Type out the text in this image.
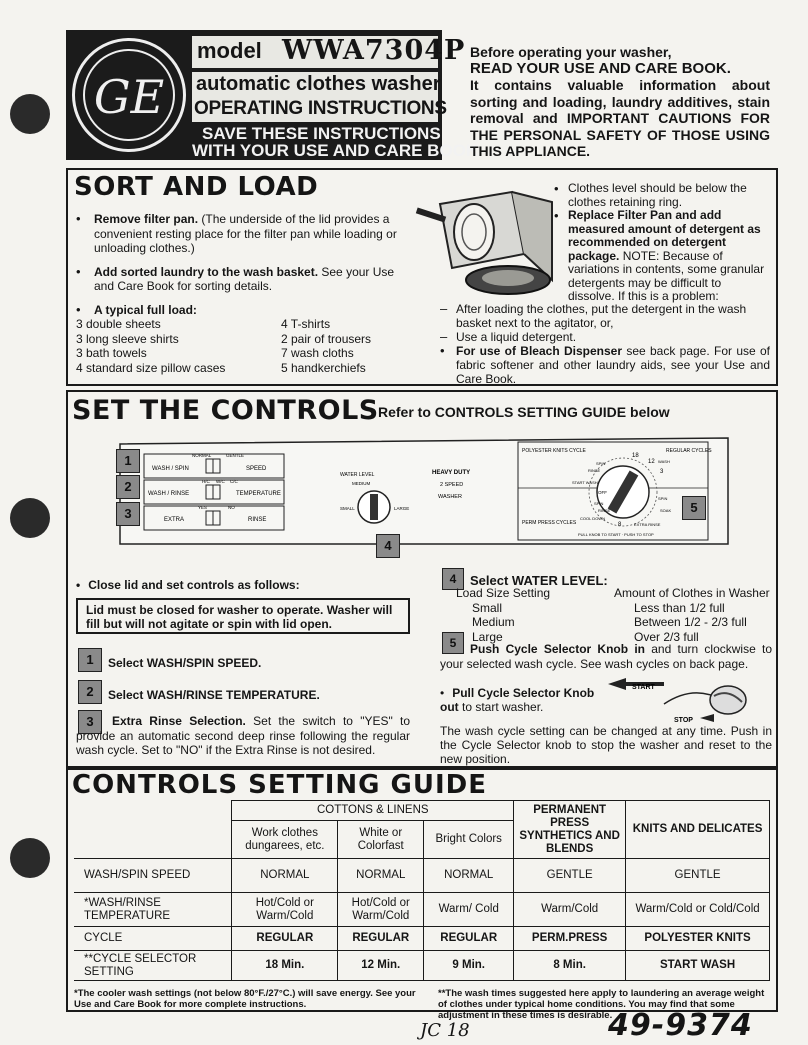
GE
model WWA7304P
automatic clothes washer
OPERATING INSTRUCTIONS
SAVE THESE INSTRUCTIONS
WITH YOUR USE AND CARE BOOK

Before operating your washer,

READ YOUR USE AND CARE BOOK.

It contains valuable information about sorting and loading, laundry additives, stain removal and IMPORTANT CAUTIONS FOR THE PERSONAL SAFETY OF THOSE USING THIS APPLIANCE.

SORT AND LOAD
• Remove filter pan. (The underside of the lid provides a convenient resting place for the filter pan while loading or unloading clothes.)
• Add sorted laundry to the wash basket. See your Use and Care Book for sorting details.
• A typical full load:
3 double sheets	4 T-shirts
3 long sleeve shirts	2 pair of trousers
3 bath towels	7 wash cloths
4 standard size pillow cases	5 handkerchiefs
• Clothes level should be below the clothes retaining ring.
• Replace Filter Pan and add measured amount of detergent as recommended on detergent package. NOTE: Because of variations in contents, some granular detergents may be difficult to dissolve. If this is a problem:
– After loading the clothes, put the detergent in the wash basket next to the agitator, or,
– Use a liquid detergent.
• For use of Bleach Dispenser see back page. For use of fabric softener and other laundry aids, see your Use and Care Book.
SET THE CONTROLS Refer to CONTROLS SETTING GUIDE below
NORMAL	GENTLE
WASH / SPIN	SPEED
H/C W/C C/C
WASH / RINSE	TEMPERATURE
YES	NO
EXTRA	RINSE
WATER LEVEL
MEDIUM
SMALL	LARGE
HEAVY DUTY
2 SPEED
WASHER
POLYESTER KNITS CYCLE	REGULAR CYCLES
PERM PRESS CYCLES
18
12 WASH
3
SPIN
RINSE
START WASH
OFF
SPIN
RINSE
COOL DOWN
8
SPIN
SOAK
EXTRA RINSE
PULL KNOB TO START · PUSH TO STOP
1
2
3
4
5
• Close lid and set controls as follows:
Lid must be closed for washer to operate. Washer will fill but will not agitate or spin with lid open.
1	Select WASH/SPIN SPEED.
2	Select WASH/RINSE TEMPERATURE.
3	Extra Rinse Selection. Set the switch to "YES" to provide an automatic second deep rinse following the regular wash cycle. Set to "NO" if the Extra Rinse is not desired.
4	Select WATER LEVEL:
Load Size Setting	Amount of Clothes in Washer
Small	Less than 1/2 full
Medium	Between 1/2 - 2/3 full
Large	Over 2/3 full
5	Push Cycle Selector Knob in and turn clockwise to your selected wash cycle. See wash cycles on back page.
• Pull Cycle Selector Knob out to start washer.
START
STOP
The wash cycle setting can be changed at any time. Push in the Cycle Selector knob to stop the washer and reset to the new position.
CONTROLS SETTING GUIDE
	COTTONS & LINENS			PERMANENT PRESS SYNTHETICS AND BLENDS	KNITS AND DELICATES
	Work clothes dungarees, etc.	White or Colorfast	Bright Colors		
WASH/SPIN SPEED	NORMAL	NORMAL	NORMAL	GENTLE	GENTLE
*WASH/RINSE TEMPERATURE	Hot/Cold or Warm/Cold	Hot/Cold or Warm/Cold	Warm/ Cold	Warm/Cold	Warm/Cold or Cold/Cold
CYCLE	REGULAR	REGULAR	REGULAR	PERM.PRESS	POLYESTER KNITS
**CYCLE SELECTOR SETTING	18 Min.	12 Min.	9 Min.	8 Min.	START WASH
*The cooler wash settings (not below 80°F./27°C.) will save energy. See your Use and Care Book for more complete instructions.
**The wash times suggested here apply to laundering an average weight of clothes under typical home conditions. You may find that some adjustment in these times is desirable.
JC 18	49-9374
